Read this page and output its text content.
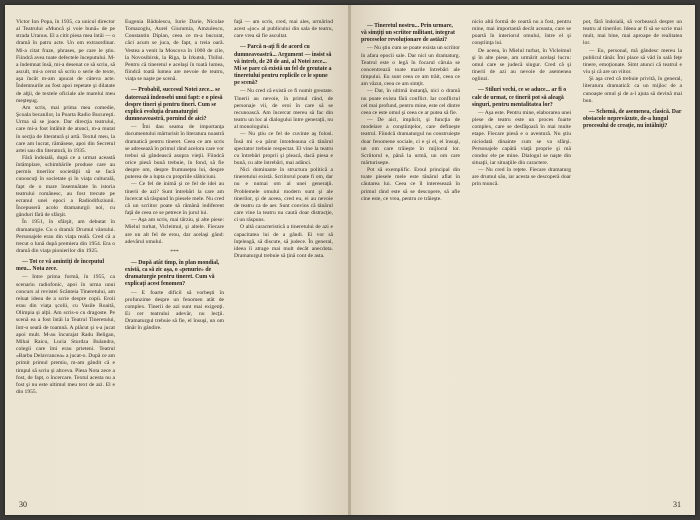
Victor Ion Popa, în 1935, ca unicul director al Teatrului «Muncă şi voie bună» de pe strada Uranus. El a citit piesa mea întâi — o dramă în patru acte. Un om extraordinar. Mi-a citat fraze, phrases, pe care le ştiu. Fiindcă avea toate defectele începutului. M-a îndemnat însă, mi-a desenat ce să scriu, să ascult, mi-a cerut să scriu o serie de texte, aşa încât m-am apucat de câteva acte. Îndemnurile au fost apoi repetate şi dilatate de alţii, de textele oficiale ale marelui meu meşteşug.

Am scris, mai prima mea comedie, Şcoala becanilor, la Poarta Radio Bucureşti. Urma să se joace. Dar direcţia teatrului, care mi-a fost întâlnit de atunci, m-a mutat în secţia de literatură şi artă. Textul meu, la care am lucrat, rămăsese, apoi din Secretul artei sau din literatură, în 1935.

Fără îndoială, după ce a urmat această întâmplare, schimbările produse care au permis tinerilor societăţii să se facă cunoscuţi în societate şi în viaţa culturală, fapt de o mare însemnătate în istoria teatrului românesc, au fost trecute pe ecranul unei epoci a Radiodifuziunii. Începuseră acolo dramaturgii noi, cu gânduri fără de sfârşit.

În 1951, în sfârşit, am debutat în dramaturgie. Cu o dramă: Drumul vântului. Personajele erau din viaţa reală. Cred că a trecut o lună după premiera din 1954. Era o dramă din viaţa pionierilor din 1925.

— Tot ce vă amintiţi de începutul meu... Nota zece.

— Intre prima formă, în 1955, ca scenariu radiofonic, apoi în urma unui concurs al revistei Scânteia Tineretului, am reluat ideea de a scrie despre copii. Eroii erau din viaţa școlii, cu Vasile Roaită, Olimpia și alţii. Am scris-o cu dragoste. Pe scenă ea a fost întâi la Teatrul Tineretului, într-o seară de toamnă. A plăcut şi s-a jucat apoi mult. M-au încurajat Radu Beligan, Mihai Raicu, Lucia Sturdza Bulandra, colegii care îmi erau prieteni. Teatrul «Barbu Delavrancea» a jucat-o. După ce am primit primul premiu, m-am gândit că e timpul să scriu şi altceva. Piesa Nota zece a fost, de fapt, o încercare. Textul acesta nu a fost şi nu este ultimul meu text de azi. El e din 1955.

Eugenia Bădulescu, Iurie Darie, Nicolae Tomazoglu, Aurel Giurumia, Amzulescu, Constantin Diplan, ceea ce m-a bucurat, căci acum se juca, de fapt, a treia oară. Vestea a venit la Moscova în 1000 de zile, la Novosibirsk, la Riga, la Irkutsk, Tbilisi. Pentru că tineretul e acelaşi în toată lumea, fiindcă toată lumea are nevoie de teatru, viaţa se naşte pe scenă.

— Probabil, succesul Notei zece... se datorează îndeosebi unui fapt: e o piesă despre tineri şi pentru tineri. Cum se explică evoluţia dramaturgiei dumneavoastră, pornind de aici?

— Îmi dau seama de importanţa documentului mărturisit în literatura noastră dramatică pentru tineret. Ceea ce am scris se adresează în primul rând acelora care vor trebui să gândească asupra vieţii. Fiindcă orice piesă bună trebuie, în fond, să fie despre om, despre frumuseţea lui, despre puterea de a lupta cu propriile slăbiciuni.

— Ce fel de inimă şi ce fel de idei au tinerii de azi? Sunt întrebări la care am încercat să răspund în piesele mele. Nu cred că un scriitor poate să rămână indiferent faţă de ceea ce se petrece în jurul lui.

— Aşa am scris, mai târziu, şi alte piese: Mielul turbat, Vicleimul, şi altele. Fiecare are un alt fel de erou, dar acelaşi gând: adevărul omului.

***

— După atât timp, în plan mondial, există, ca să zic aşa, o «penurie» de dramaturgie pentru tineret. Cum vă explicaţi acest fenomen?

— E foarte dificil să vorbeşti în profunzime despre un fenomen atât de complex. Tinerii de azi sunt mai exigenţi. Ei cer teatrului adevăr, nu lecţii. Dramaturgul trebuie să fie, el însuşi, un om tânăr în gândire.

faţă — am scris, cred, mai ales, urmărind acest «joc» al publicului din sala de teatru, care vrea să fie ascultat.

— Parcă n-aţi fi de acord cu dumneavoastră... Argument — insist să vă intreb, de 20 de ani, al Notei zece... Mi se pare că există un fel de greutate a tineretului pentru replicile ce le spune pe scenă?

— Nu cred că există ce fi numit greutate. Tinerii au nevoie, în primul rând, de personaje vii, de eroi în care să se recunoască. Am încercat mereu să fac din teatru un loc al dialogului între generaţii, nu al monologului.

— Nu ştiu ce fel de cuvinte aş folosi. Însă mi s-a părut întotdeauna că tânărul spectator trebuie respectat. El vine la teatru cu întrebări proprii şi pleacă, dacă piesa e bună, cu alte întrebări, mai adânci.

Nici dominante în structura politică a tineretului există. Scriitorul poate fi om, dar nu e numai om al unei generaţii. Problemele omului modern sunt şi ale tinerilor, şi de aceea, cred eu, ei au nevoie de teatru ca de aer. Sunt convins că tânărul care vine la teatru nu caută doar distracţie, ci un răspuns.

O altă caracteristică a tineretului de azi e capacitatea lui de a gândi. Ei vor să înţeleagă, să discute, să judece. În general, ideea îi atrage mai mult decât anecdota. Dramaturgul trebuie să ţină cont de asta.

30

— Tineretul nostru... Prin urmare, vă simţiţi un scriitor militant, integrat proceselor revoluţionare de astăzi?

— Nu ştiu cum se poate exista un scriitor în afara epocii sale. Dar nici un dramaturg. Teatrul este o legă în focarul căruia se concentrează toate marile întrebări ale timpului. Eu sunt ceea ce am trăit, ceea ce am văzut, ceea ce am simţit.

— Dar, în ultimă instanţă, nici o dramă nu poate exista fără conflict. Iar conflictul cel mai profund, pentru mine, este cel dintre ceea ce este omul şi ceea ce ar putea să fie.

— De aici, implicit, şi funcţia de modelare a conştiinţelor, care defineşte teatrul. Fiindcă dramaturgul nu construieşte doar fenomene sociale, ci e şi el, el însuşi, un om care trăieşte în mijlocul lor. Scriitorul e, până la urmă, un om care mărturiseşte.

Pot să exemplific. Eroul principal din toate piesele mele este tânărul aflat în căutarea lui. Ceea ce îl interesează în primul rând este să se descopere, să afle cine este, ce vrea, pentru ce trăieşte.

nicio altă formă de ceartă nu a fost, pentru mine, mai importantă decât aceasta, care se poartă în interiorul omului, între el şi conştiinţa lui.

De aceea, în Mielul turbat, în Vicleimul şi în alte piese, am urmărit acelaşi lucru: omul care se judecă singur. Cred că şi tinerii de azi au nevoie de asemenea oglinzi.

— Stiluri vechi, ce se aduce... ar fi o cale de urmat, ce tinerii pot să aleagă singuri, pentru mentalitatea lor?

— Aşa este. Pentru mine, elaborarea unei piese de teatru este un proces foarte complex, care se desfăşoară în mai multe etape. Fiecare piesă e o aventură. Nu ştiu niciodată dinainte cum se va sfârşi. Personajele capătă viaţă proprie şi mă conduc ele pe mine. Dialogul se naşte din situaţii, iar situaţiile din caractere.

— Nu cred în reţete. Fiecare dramaturg are drumul său, iar acesta se descoperă doar prin muncă.

pot, fără îndoială, să vorbească despre un teatru al tinerilor. Ideea ar fi să se scrie mai mult, mai bine, mai aproape de realitatea lor.

— Eu, personal, mă gândesc mereu la publicul tânăr. Îmi place să văd în sală feţe tinere, emoţionate. Simt atunci că teatrul e viu şi că are un viitor.

Şi aşa cred că trebuie privită, în general, literatura dramatică: ca un mijloc de a cunoaşte omul şi de a-l ajuta să devină mai bun.

— Schemă, de asemenea, clasică. Dar obstacole neprevăzute, de-a lungul procesului de creaţie, nu întâlniţi?

31
